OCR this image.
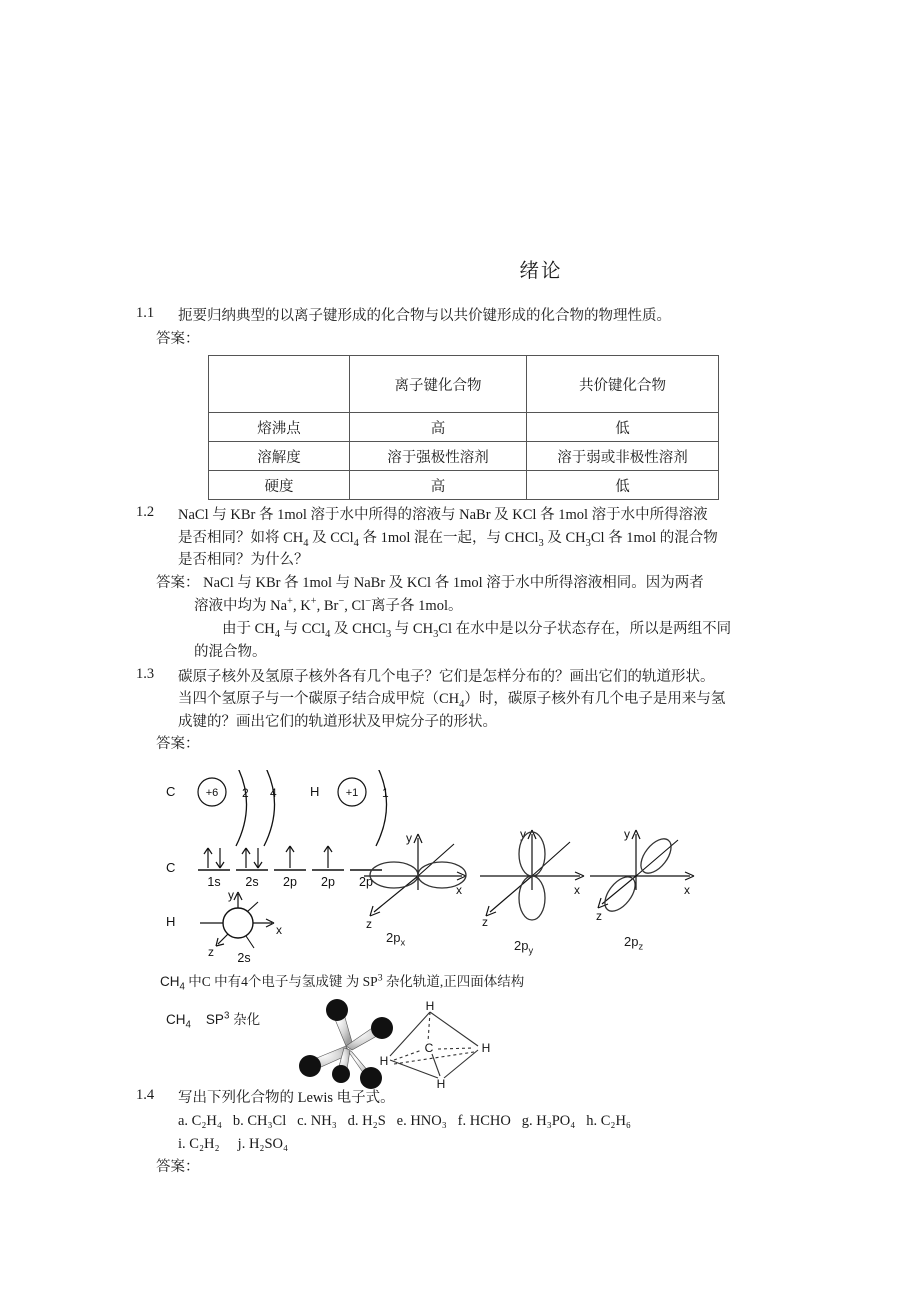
绪论
1.1	扼要归纳典型的以离子键形成的化合物与以共价键形成的化合物的物理性质。
答案：
	离子键化合物	共价键化合物
熔沸点	高	低
溶解度	溶于强极性溶剂	溶于弱或非极性溶剂
硬度	高	低
1.2	NaCl 与 KBr 各 1mol 溶于水中所得的溶液与 NaBr 及 KCl 各 1mol 溶于水中所得溶液
是否相同？如将 $CH_4$ 及 CCl$_4$ 各 1mol 混在一起，与 CHCl$_3$ 及 $CH_3Cl$ 各 1mol 的混合物
是否相同？为什么？
答案： NaCl 与 KBr 各 1mol 与 NaBr 及 KCl 各 1mol 溶于水中所得溶液相同。因为两者
溶液中均为 Na+, K+, Br−, Cl−离子各 1mol。
由于 $CH_4$ 与 CCl$_4$ 及 CHCl$_3$ 与 $CH_3Cl$ 在水中是以分子状态存在，所以是两组不同
的混合物。
1.3	碳原子核外及氢原子核外各有几个电子？它们是怎样分布的？画出它们的轨道形状。
当四个氢原子与一个碳原子结合成甲烷$(CH_4)$时，碳原子核外有几个电子是用来与氢
成键的？画出它们的轨道形状及甲烷分子的形状。
答案：
C	+6 2 4	H +1 1
C
1s 2s 2p 2p 2p
H
y
x
z 2s
y
x
z
$2p_x$
y
x
z
$2p_y$
y
x
z
$2p_z$
$CH_4$ 中C 中有4个电子与氢成键 为 $SP^3$ 杂化轨道,正四面体结构
$CH_4$ $SP^3$ 杂化
H
H
H
H
C
1.4	写出下列化合物的 Lewis 电子式。
a. C₂H₄ b. CH₃Cl c. NH₃ d. H₂S e. HNO₃ f. HCHO g. H₃PO₄ h. C₂H₆
i. C₂H₂ j. H₂SO₄
答案：
